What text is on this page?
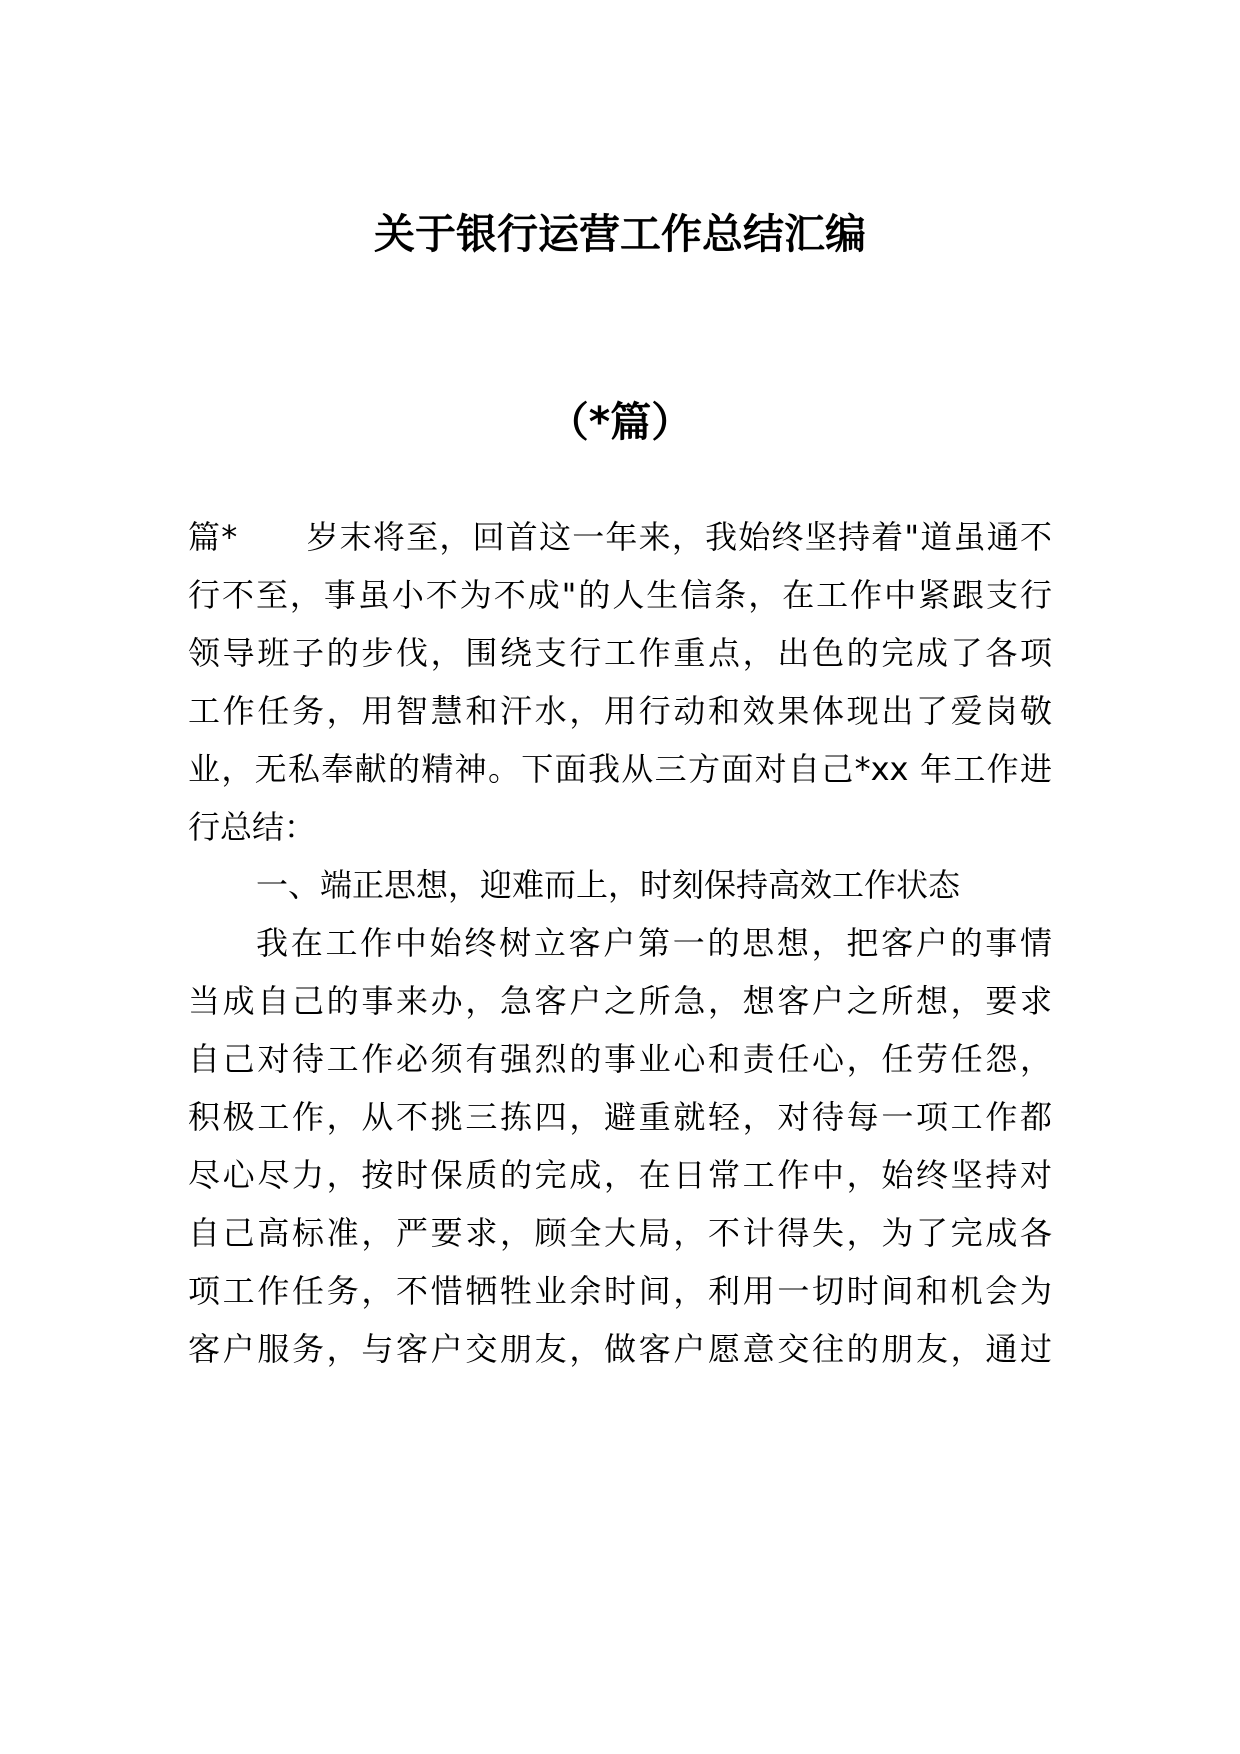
关于银行运营工作总结汇编
（*篇）
篇* 岁末将至，回首这一年来，我始终坚持着"道虽通不
行不至，事虽小不为不成"的人生信条，在工作中紧跟支行
领导班子的步伐，围绕支行工作重点，出色的完成了各项
工作任务，用智慧和汗水，用行动和效果体现出了爱岗敬
业，无私奉献的精神。下面我从三方面对自己*xx 年工作进
行总结：
一、端正思想，迎难而上，时刻保持高效工作状态
我在工作中始终树立客户第一的思想，把客户的事情
当成自己的事来办，急客户之所急，想客户之所想，要求
自己对待工作必须有强烈的事业心和责任心，任劳任怨，
积极工作，从不挑三拣四，避重就轻，对待每一项工作都
尽心尽力，按时保质的完成，在日常工作中，始终坚持对
自己高标准，严要求，顾全大局，不计得失，为了完成各
项工作任务，不惜牺牲业余时间，利用一切时间和机会为
客户服务，与客户交朋友，做客户愿意交往的朋友，通过
